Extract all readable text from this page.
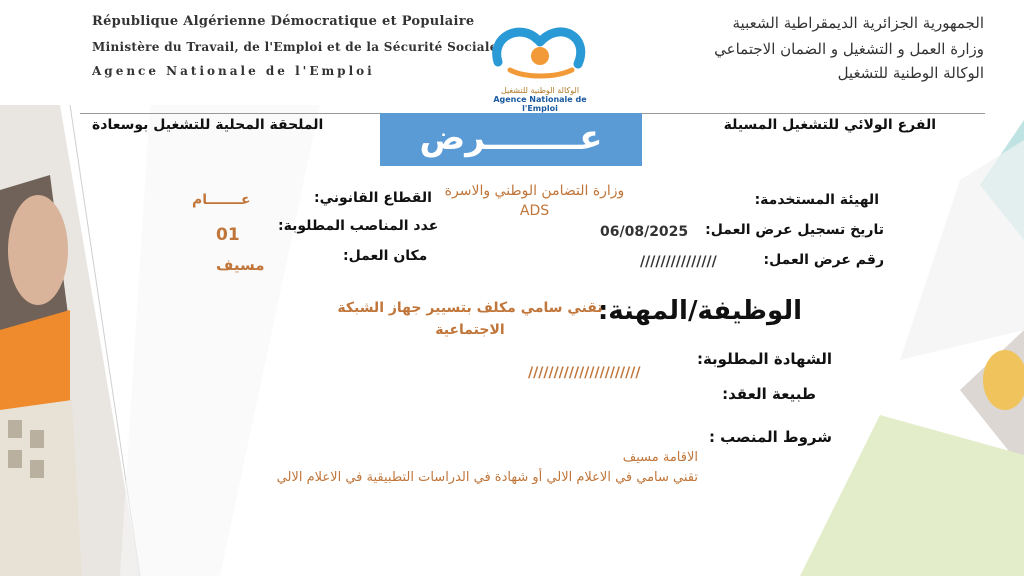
République Algérienne Démocratique et Populaire
Ministère du Travail, de l'Emploi et de la Sécurité Sociale
Agence Nationale de l'Emploi
الوكالة الوطنية للتشغيل
Agence Nationale de l'Emploi
الجمهورية الجزائرية الديمقراطية الشعبية
وزارة العمل و التشغيل و الضمان الاجتماعي
الوكالة الوطنية للتشغيل
الملحقة المحلية للتشغيل بوسعادة	الفرع الولائي للتشغيل المسيلة
عــــــــرض
الهيئة المستخدمة:
وزارة التضامن الوطني والاسرة
ADS
القطاع القانوني:
عـــــــام
تاريخ تسجيل عرض العمل:
06/08/2025
عدد المناصب المطلوبة:
01
رقم عرض العمل:
///////////////
مكان العمل:
مسيف
الوظيفة/المهنة:
تقني سامي مكلف بتسيير جهاز الشبكة
الاجتماعية
الشهادة المطلوبة:
//////////////////////
طبيعة العقد:
شروط المنصب :
الاقامة مسيف
تقني سامي في الاعلام الالي أو شهادة في الدراسات التطبيقية في الاعلام الالي
